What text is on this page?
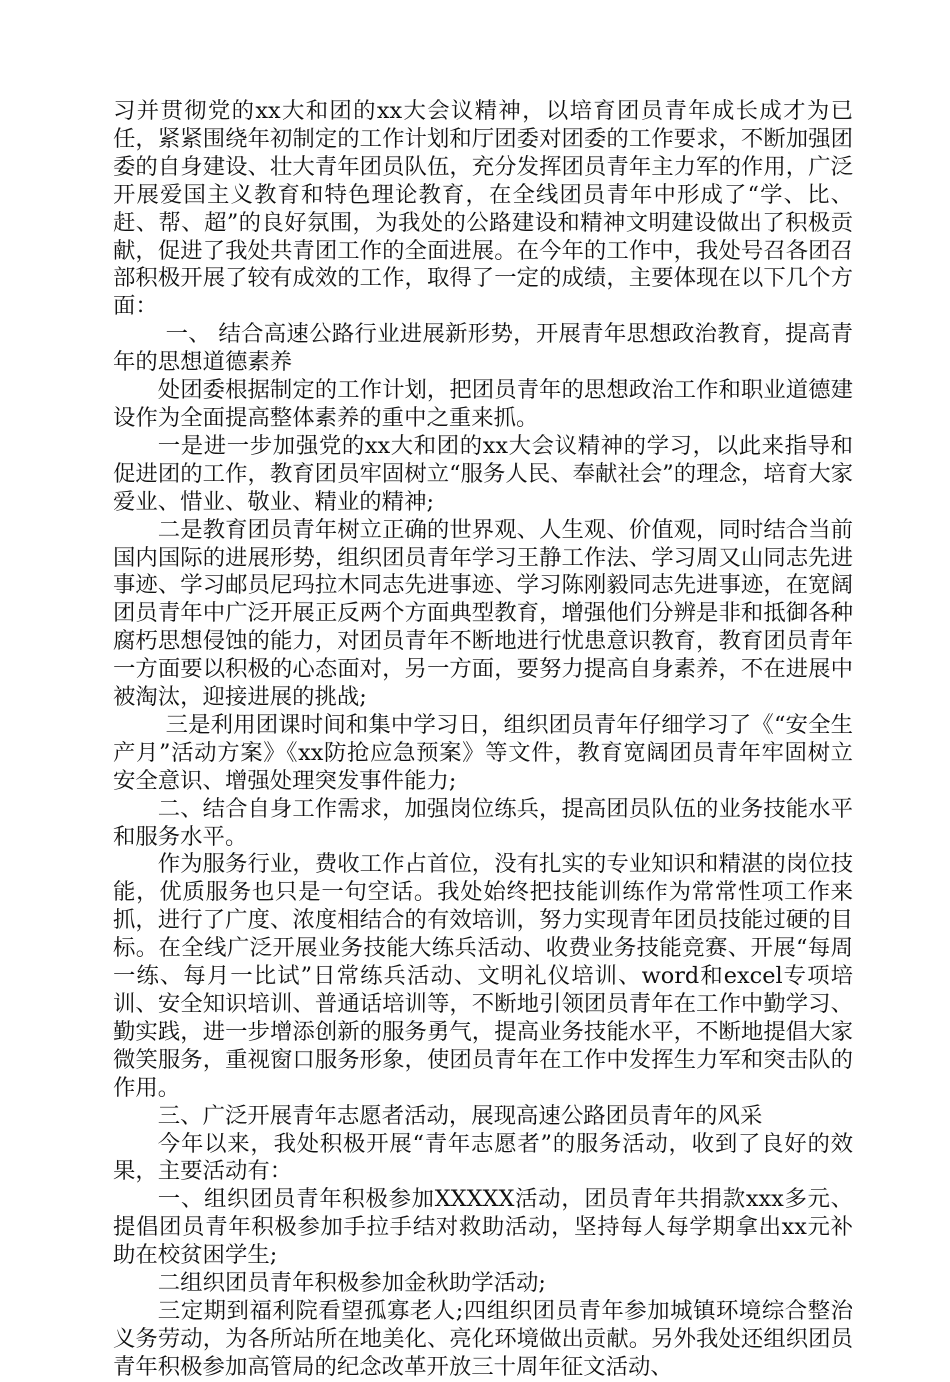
习并贯彻党的xx大和团的xx大会议精神，以培育团员青年成长成才为已任，紧紧围绕年初制定的工作计划和厅团委对团委的工作要求，不断加强团委的自身建设、壮大青年团员队伍，充分发挥团员青年主力军的作用，广泛开展爱国主义教育和特色理论教育，在全线团员青年中形成了“学、比、赶、帮、超”的良好氛围，为我处的公路建设和精神文明建设做出了积极贡献，促进了我处共青团工作的全面进展。在今年的工作中，我处号召各团召部积极开展了较有成效的工作，取得了一定的成绩，主要体现在以下几个方面：

一、 结合高速公路行业进展新形势，开展青年思想政治教育，提高青年的思想道德素养

处团委根据制定的工作计划，把团员青年的思想政治工作和职业道德建设作为全面提高整体素养的重中之重来抓。

一是进一步加强党的xx大和团的xx大会议精神的学习，以此来指导和促进团的工作，教育团员牢固树立“服务人民、奉献社会”的理念，培育大家爱业、惜业、敬业、精业的精神;

二是教育团员青年树立正确的世界观、人生观、价值观，同时结合当前国内国际的进展形势，组织团员青年学习王静工作法、学习周又山同志先进事迹、学习邮员尼玛拉木同志先进事迹、学习陈刚毅同志先进事迹，在宽阔团员青年中广泛开展正反两个方面典型教育，增强他们分辨是非和抵御各种腐朽思想侵蚀的能力，对团员青年不断地进行忧患意识教育，教育团员青年一方面要以积极的心态面对，另一方面，要努力提高自身素养，不在进展中被淘汰，迎接进展的挑战;

三是利用团课时间和集中学习日，组织团员青年仔细学习了《“安全生产月”活动方案》《xx防抢应急预案》等文件，教育宽阔团员青年牢固树立安全意识、增强处理突发事件能力;

二、结合自身工作需求，加强岗位练兵，提高团员队伍的业务技能水平和服务水平。

作为服务行业，费收工作占首位，没有扎实的专业知识和精湛的岗位技能，优质服务也只是一句空话。我处始终把技能训练作为常常性项工作来抓，进行了广度、浓度相结合的有效培训，努力实现青年团员技能过硬的目标。在全线广泛开展业务技能大练兵活动、收费业务技能竞赛、开展“每周一练、每月一比试”日常练兵活动、文明礼仪培训、word和excel专项培训、安全知识培训、普通话培训等，不断地引领团员青年在工作中勤学习、勤实践，进一步增添创新的服务勇气，提高业务技能水平，不断地提倡大家微笑服务，重视窗口服务形象，使团员青年在工作中发挥生力军和突击队的作用。

三、广泛开展青年志愿者活动，展现高速公路团员青年的风采

今年以来，我处积极开展“青年志愿者”的服务活动，收到了良好的效果，主要活动有：

一、组织团员青年积极参加XXXXX活动，团员青年共捐款xxx多元、提倡团员青年积极参加手拉手结对救助活动，坚持每人每学期拿出xx元补助在校贫困学生;

二组织团员青年积极参加金秋助学活动;

三定期到福利院看望孤寡老人;四组织团员青年参加城镇环境综合整治义务劳动，为各所站所在地美化、亮化环境做出贡献。另外我处还组织团员青年积极参加高管局的纪念改革开放三十周年征文活动、
